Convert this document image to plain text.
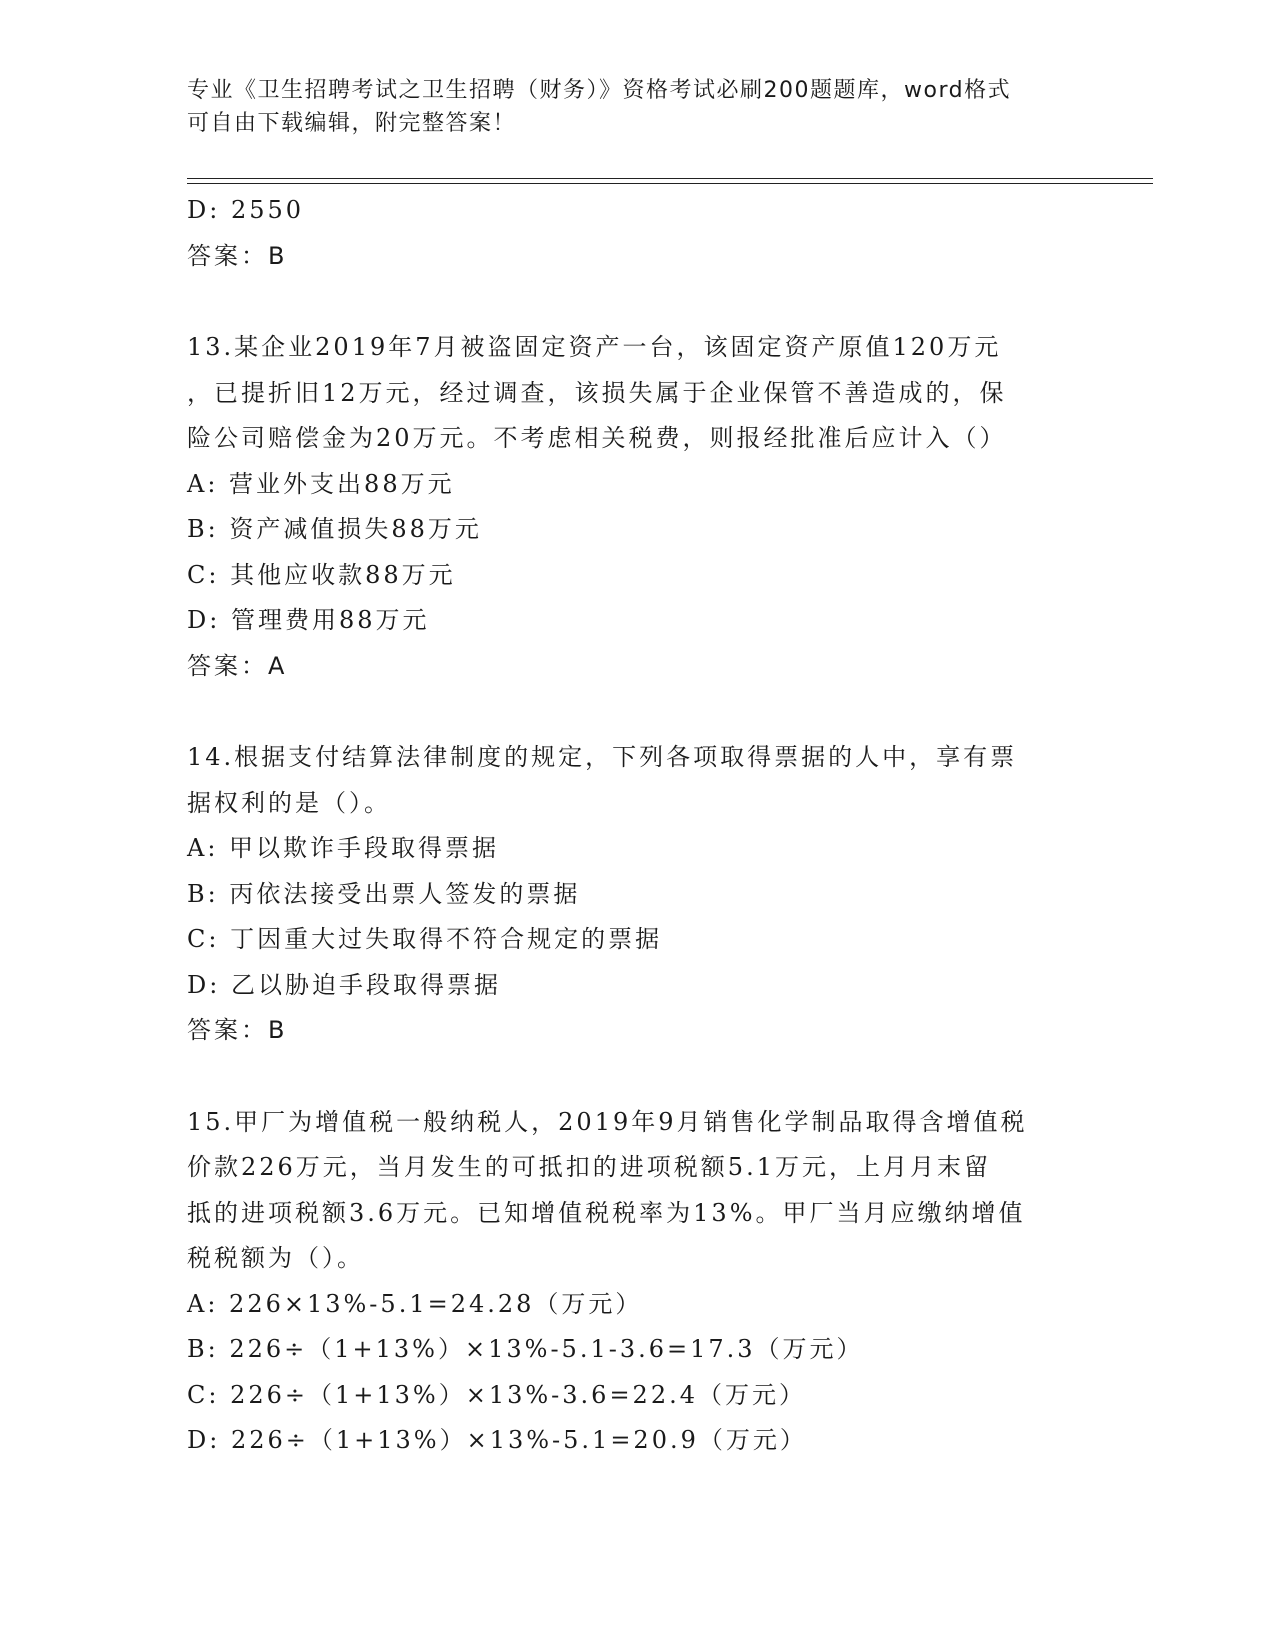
专业《卫生招聘考试之卫生招聘（财务）》资格考试必刷200题题库，word格式
可自由下载编辑，附完整答案！
D: 2550
答案：B
13.某企业2019年7月被盗固定资产一台，该固定资产原值120万元
，已提折旧12万元，经过调查，该损失属于企业保管不善造成的，保
险公司赔偿金为20万元。不考虑相关税费，则报经批准后应计入（）
A: 营业外支出88万元
B: 资产减值损失88万元
C: 其他应收款88万元
D: 管理费用88万元
答案：A
14.根据支付结算法律制度的规定，下列各项取得票据的人中，享有票
据权利的是（）。
A: 甲以欺诈手段取得票据
B: 丙依法接受出票人签发的票据
C: 丁因重大过失取得不符合规定的票据
D: 乙以胁迫手段取得票据
答案：B
15.甲厂为增值税一般纳税人，2019年9月销售化学制品取得含增值税
价款226万元，当月发生的可抵扣的进项税额5.1万元，上月月末留
抵的进项税额3.6万元。已知增值税税率为13%。甲厂当月应缴纳增值
税税额为（）。
A: 226×13%-5.1=24.28（万元）
B: 226÷（1+13%）×13%-5.1-3.6=17.3（万元）
C: 226÷（1+13%）×13%-3.6=22.4（万元）
D: 226÷（1+13%）×13%-5.1=20.9（万元）
